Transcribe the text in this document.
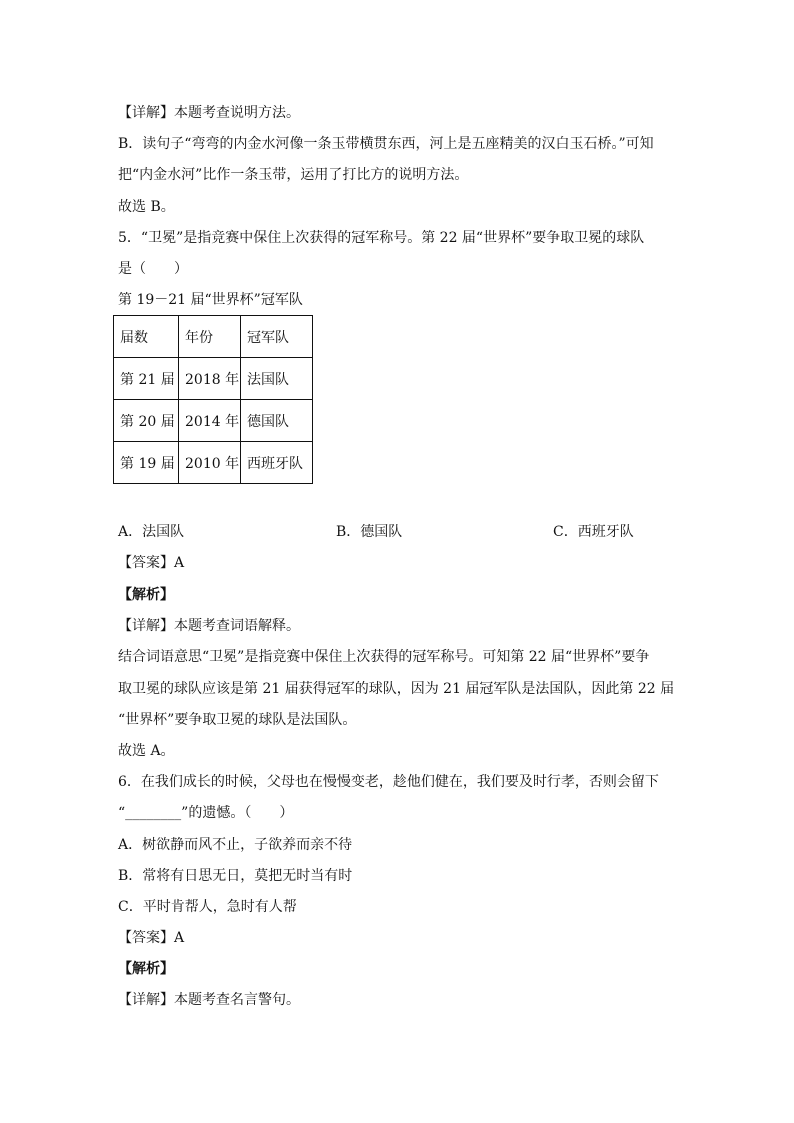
【详解】本题考查说明方法。
B．读句子“弯弯的内金水河像一条玉带横贯东西，河上是五座精美的汉白玉石桥。”可知
把“内金水河”比作一条玉带，运用了打比方的说明方法。
故选 B。
5．“卫冕”是指竞赛中保住上次获得的冠军称号。第 22 届“世界杯”要争取卫冕的球队
是（　　）
第 19－21 届“世界杯”冠军队
届数	年份	冠军队
第 21 届	2018 年	法国队
第 20 届	2014 年	德国队
第 19 届	2010 年	西班牙队
A．法国队	B．德国队	C．西班牙队
【答案】A
【解析】
【详解】本题考查词语解释。
结合词语意思“卫冕”是指竞赛中保住上次获得的冠军称号。可知第 22 届“世界杯”要争
取卫冕的球队应该是第 21 届获得冠军的球队，因为 21 届冠军队是法国队，因此第 22 届
“世界杯”要争取卫冕的球队是法国队。
故选 A。
6．在我们成长的时候，父母也在慢慢变老，趁他们健在，我们要及时行孝，否则会留下
“________”的遗憾。（　　）
A．树欲静而风不止，子欲养而亲不待
B．常将有日思无日，莫把无时当有时
C．平时肯帮人，急时有人帮
【答案】A
【解析】
【详解】本题考查名言警句。
